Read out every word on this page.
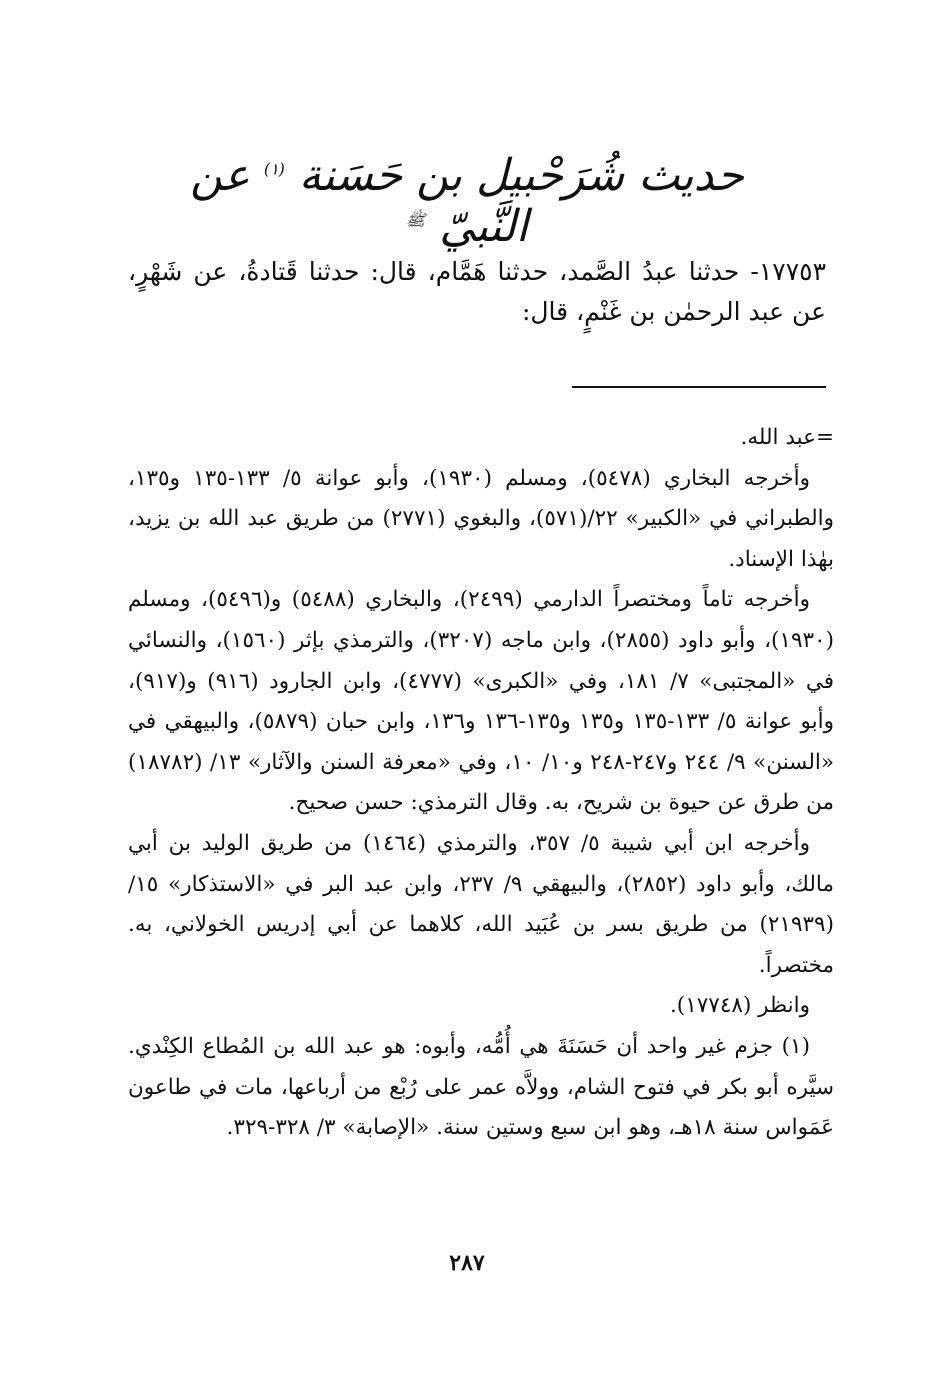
حديث شُرَحْبيل بن حَسَنة $^{(١)}$ عن النَّبيّ $^ﷺ$

١٧٧٥٣- حدثنا عبدُ الصَّمد، حدثنا هَمَّام، قال: حدثنا قَتادةُ، عن شَهْرٍ، عن عبد الرحمٰن بن غَنْمٍ، قال:

=عبد الله.

وأخرجه البخاري (٥٤٧٨)، ومسلم (١٩٣٠)، وأبو عوانة ٥/ ١٣٣-١٣٥ و١٣٥، والطبراني في «الكبير» ٢٢/(٥٧١)، والبغوي (٢٧٧١) من طريق عبد الله بن يزيد، بهٰذا الإسناد.

وأخرجه تاماً ومختصراً الدارمي (٢٤٩٩)، والبخاري (٥٤٨٨) و(٥٤٩٦)، ومسلم (١٩٣٠)، وأبو داود (٢٨٥٥)، وابن ماجه (٣٢٠٧)، والترمذي بإثر (١٥٦٠)، والنسائي في «المجتبى» ٧/ ١٨١، وفي «الكبرى» (٤٧٧٧)، وابن الجارود (٩١٦) و(٩١٧)، وأبو عوانة ٥/ ١٣٣-١٣٥ و١٣٥ و١٣٥-١٣٦ و١٣٦، وابن حبان (٥٨٧٩)، والبيهقي في «السنن» ٩/ ٢٤٤ و٢٤٧-٢٤٨ و١٠/ ١٠، وفي «معرفة السنن والآثار» ١٣/ (١٨٧٨٢) من طرق عن حيوة بن شريح، به. وقال الترمذي: حسن صحيح.

وأخرجه ابن أبي شيبة ٥/ ٣٥٧، والترمذي (١٤٦٤) من طريق الوليد بن أبي مالك، وأبو داود (٢٨٥٢)، والبيهقي ٩/ ٢٣٧، وابن عبد البر في «الاستذكار» ١٥/ (٢١٩٣٩) من طريق بسر بن عُبَيد الله، كلاهما عن أبي إدريس الخولاني، به. مختصراً.

وانظر (١٧٧٤٨).

(١) جزم غير واحد أن حَسَنَةَ هي أُمُّه، وأبوه: هو عبد الله بن المُطاع الكِنْدي. سيَّره أبو بكر في فتوح الشام، وولاَّه عمر على رُبْع من أرباعها، مات في طاعون عَمَواس سنة ١٨هـ، وهو ابن سبع وستين سنة. «الإصابة» ٣/ ٣٢٨-٣٢٩.

٢٨٧
